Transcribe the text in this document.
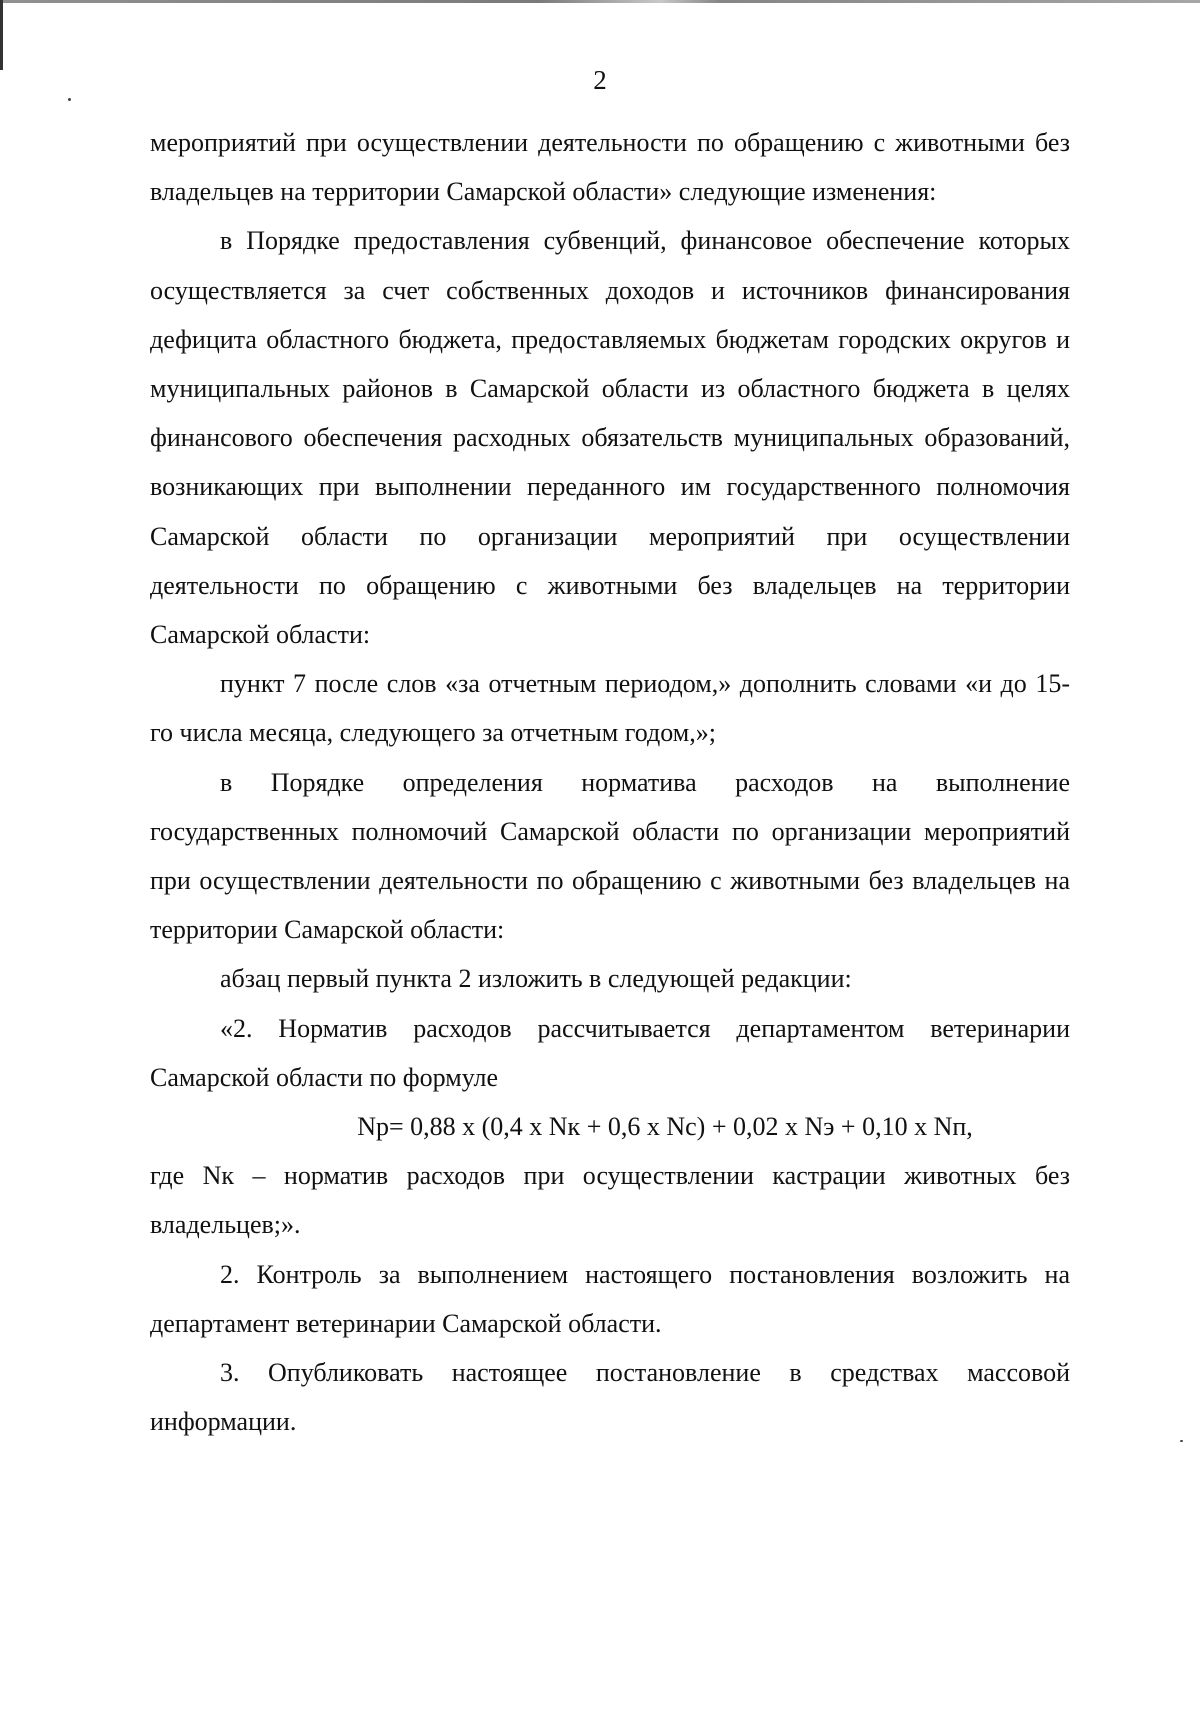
2

мероприятий при осуществлении деятельности по обращению с животными без владельцев на территории Самарской области» следующие изменения:

в Порядке предоставления субвенций, финансовое обеспечение которых осуществляется за счет собственных доходов и источников финансирования дефицита областного бюджета, предоставляемых бюджетам городских округов и муниципальных районов в Самарской области из областного бюджета в целях финансового обеспечения расходных обязательств муниципальных образований, возникающих при выполнении переданного им государственного полномочия Самарской области по организации мероприятий при осуществлении деятельности по обращению с животными без владельцев на территории Самарской области:

пункт 7 после слов «за отчетным периодом,» дополнить словами «и до 15-го числа месяца, следующего за отчетным годом,»;

в Порядке определения норматива расходов на выполнение государственных полномочий Самарской области по организации мероприятий при осуществлении деятельности по обращению с животными без владельцев на территории Самарской области:

абзац первый пункта 2 изложить в следующей редакции:

«2. Норматив расходов рассчитывается департаментом ветеринарии Самарской области по формуле

Nр= 0,88 x (0,4 x Nк + 0,6 x Nс) + 0,02 x Nэ + 0,10 x Nп,

где Nк – норматив расходов при осуществлении кастрации животных без владельцев;».

2. Контроль за выполнением настоящего постановления возложить на департамент ветеринарии Самарской области.

3. Опубликовать настоящее постановление в средствах массовой информации.
